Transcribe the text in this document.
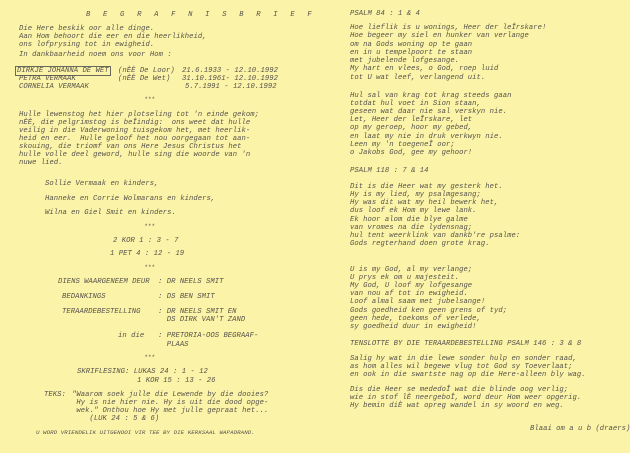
B E G R A F N I S B R I E F
Die Here beskik oor alle dinge.
Aan Hom behoort die eer en die heerlikheid,
ons lofprysing tot in ewigheid.
In dankbaarheid noem ons voor Hom :
DIRKJE JOHANNA DE WET (nÈÈ De Loor) 21.6.1933 - 12.10.1992
PETRA VERMAAK	(nÈÈ De Wet) 31.10.1961- 12.10.1992
CORNELIA VERMAAK	5.7.1991 - 12.10.1992
***
Hulle lewenstog het hier plotseling tot 'n einde gekom;
nÈÈ, die pelgrimstog is beÎindig:  ons weet dat hulle
veilig in die Vaderwoning tuisgekom het, met heerlik-
heid en eer.  Hulle geloof het nou oorgegaan tot aan-
skouing, die triomf van ons Here Jesus Christus het
hulle volle deel geword, hulle sing die woorde van 'n
nuwe lied.
Sollie Vermaak en kinders,
Hanneke en Corrie Wolmarans en kinders,
Wilna en Giel Smit en kinders.
***
2 KOR 1 : 3 - 7
1 PET 4 : 12 - 19
***
DIENS WAARGENEEM DEUR : DR NEELS SMIT
BEDANKINGS	: DS BEN SMIT
TERAARDEBESTELLING : DR NEELS SMIT EN
DS DIRK VAN'T ZAND
in die : PRETORIA-OOS BEGRAAF-
PLAAS
***
SKRIFLESING: LUKAS 24 : 1 - 12
1 KOR 15 : 13 - 26
TEKS: "Waarom soek julle die Lewende by die dooies?
Hy is nie hier nie. Hy is uit die dood opge-
wek." Onthou hoe Hy met julle gepraat het...
(LUK 24 : 5 & 6)
U WORD VRIENDELIK UITGENOOI VIR TEE BY DIE KERKSAAL WAPADRAND.
PSALM 84 : 1 & 4
Hoe lieflik is u wonings, Heer der leÎrskare!
Hoe begeer my siel en hunker van verlange
om na Gods woning op te gaan
en in u tempelpoort te staan
met jubelende lofgesange.
My hart en vlees, o God, roep luid
tot U wat leef, verlangend uit.
Hul sal van krag tot krag steeds gaan
totdat hul voet in Sion staan,
geseen wat daar nie sal verskyn nie.
Let, Heer der leÎrskare, let
op my geroep, hoor my gebed,
en laat my nie in druk verkwyn nie.
Leen my 'n toegeneÎ oor;
o Jakobs God, gee my gehoor!
PSALM 118 : 7 & 14
Dit is die Heer wat my gesterk het.
Hy is my lied, my psalmgesang;
Hy was dit wat my heil bewerk het,
dus loof ek Hom my lewe lank.
Ek hoor alom die blye galme
van vromes na die lydensnag;
hul tent weerklink van dankb're psalme:
Gods regterhand doen grote krag.
U is my God, al my verlange;
U prys ek om u majesteit.
My God, U loof my lofgesange
van nou af tot in ewigheid.
Loof almal saam met jubelsange!
Gods goedheid ken geen grens of tyd;
geen hede, toekoms of verlede,
sy goedheid duur in ewigheid!
TENSLOTTE BY DIE TERAARDEBESTELLING PSALM 146 : 3 & 8
Salig hy wat in die lewe sonder hulp en sonder raad,
as hom alles wil begewe vlug tot God sy Toeverlaat;
en ook in die swartste nag op die Here-alleen bly wag.
Dis die Heer se mededoÎ wat die blinde oog verlig;
wie in stof lÈ neergeboÎ, word deur Hom weer opgerig.
Hy bemin diÈ wat opreg wandel in sy woord en weg.
Blaai om a u b (draers)
